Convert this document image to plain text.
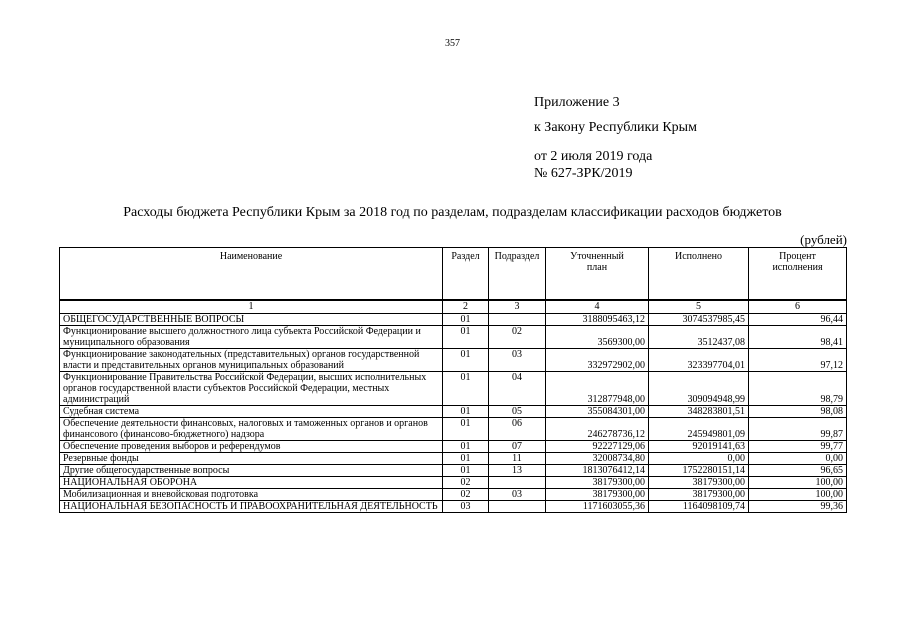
357
Приложение 3
к Закону Республики Крым
от 2 июля 2019 года
№ 627-ЗРК/2019
Расходы бюджета Республики Крым за 2018 год по разделам, подразделам классификации расходов бюджетов
(рублей)
Наименование	Раздел	Подраздел	Уточненный план	Исполнено	Процент исполнения
1	2	3	4	5	6
ОБЩЕГОСУДАРСТВЕННЫЕ ВОПРОСЫ	01		3188095463,12	3074537985,45	96,44
Функционирование высшего должностного лица субъекта Российской Федерации и муниципального образования	01	02	3569300,00	3512437,08	98,41
Функционирование законодательных (представительных) органов государственной власти и представительных органов муниципальных образований	01	03	332972902,00	323397704,01	97,12
Функционирование Правительства Российской Федерации, высших исполнительных органов государственной власти субъектов Российской Федерации, местных администраций	01	04	312877948,00	309094948,99	98,79
Судебная система	01	05	355084301,00	348283801,51	98,08
Обеспечение деятельности финансовых, налоговых и таможенных органов и органов финансового (финансово-бюджетного) надзора	01	06	246278736,12	245949801,09	99,87
Обеспечение проведения выборов и референдумов	01	07	92227129,06	92019141,63	99,77
Резервные фонды	01	11	32008734,80	0,00	0,00
Другие общегосударственные вопросы	01	13	1813076412,14	1752280151,14	96,65
НАЦИОНАЛЬНАЯ ОБОРОНА	02		38179300,00	38179300,00	100,00
Мобилизационная и вневойсковая подготовка	02	03	38179300,00	38179300,00	100,00
НАЦИОНАЛЬНАЯ БЕЗОПАСНОСТЬ И ПРАВООХРАНИТЕЛЬНАЯ ДЕЯТЕЛЬНОСТЬ	03		1171603055,36	1164098109,74	99,36
